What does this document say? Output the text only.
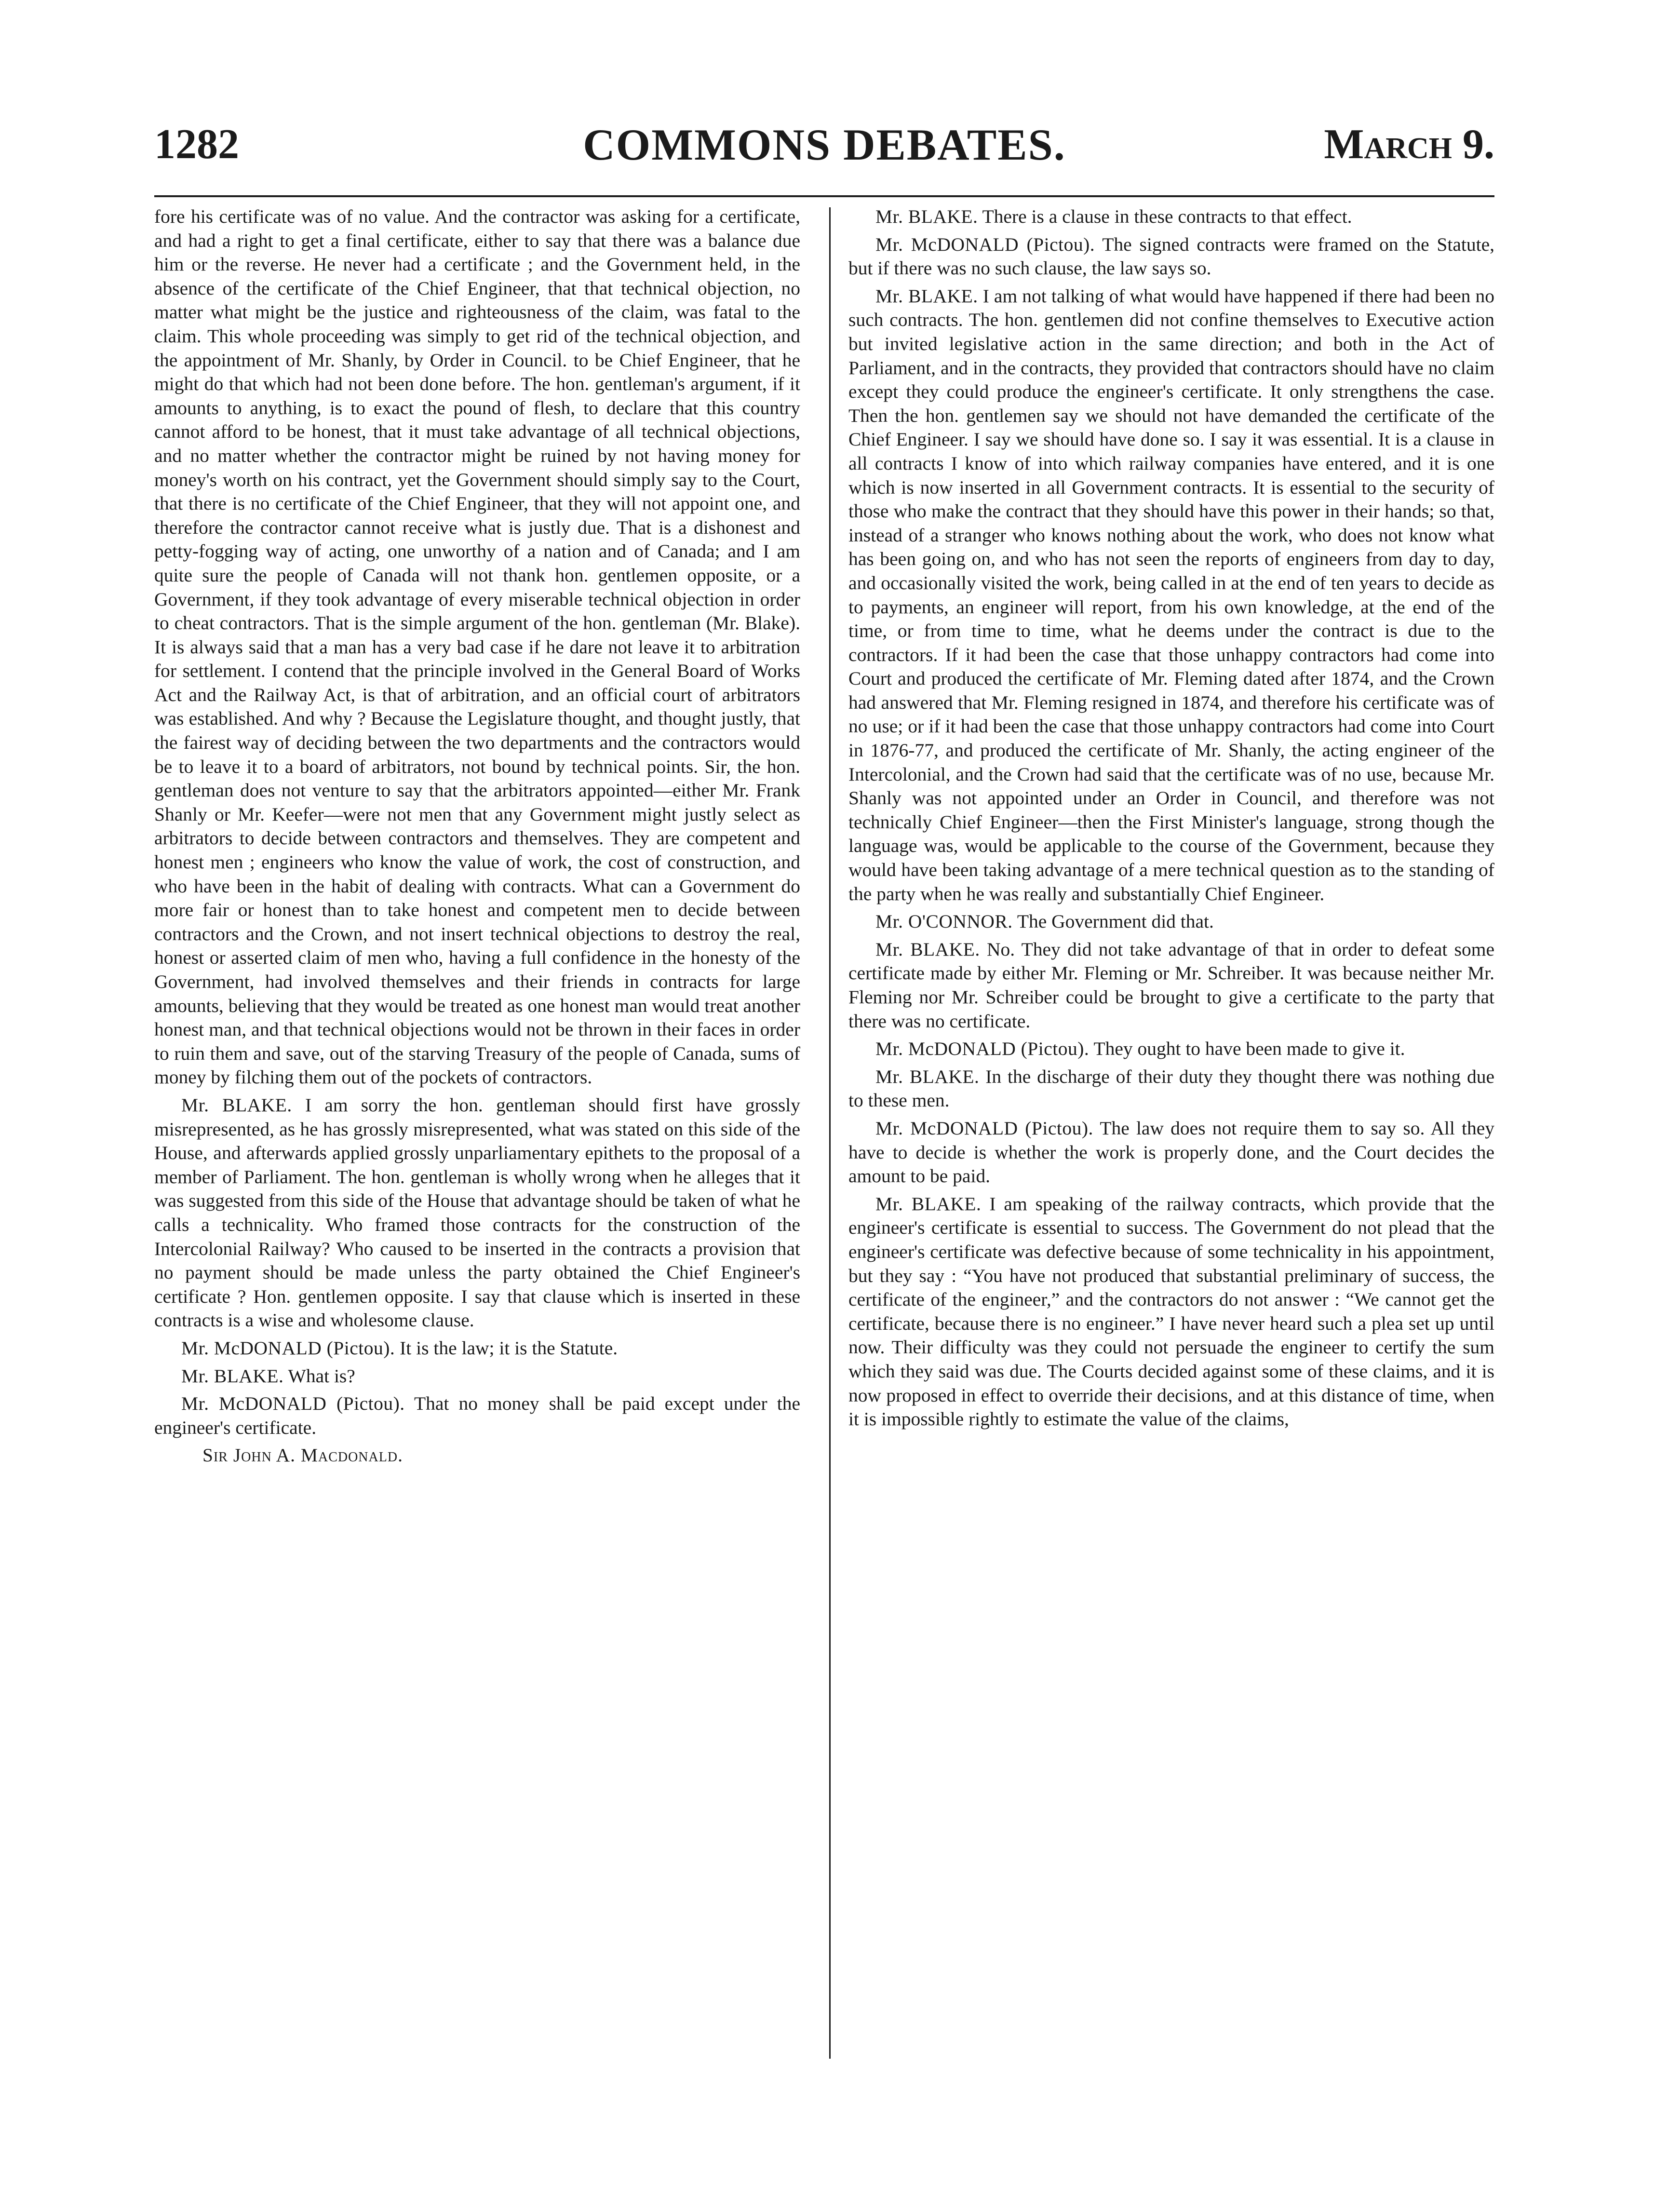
1282	COMMONS DEBATES.	March 9.

fore his certificate was of no value. And the contractor was asking for a certificate, and had a right to get a final certificate, either to say that there was a balance due him or the reverse. He never had a certificate ; and the Government held, in the absence of the certificate of the Chief Engineer, that that technical objection, no matter what might be the justice and righteousness of the claim, was fatal to the claim. This whole proceeding was simply to get rid of the technical objection, and the appointment of Mr. Shanly, by Order in Council. to be Chief Engineer, that he might do that which had not been done before. The hon. gentleman's argument, if it amounts to anything, is to exact the pound of flesh, to declare that this country cannot afford to be honest, that it must take advantage of all technical objections, and no matter whether the contractor might be ruined by not having money for money's worth on his contract, yet the Government should simply say to the Court, that there is no certificate of the Chief Engineer, that they will not appoint one, and therefore the contractor cannot receive what is justly due. That is a dishonest and petty-fogging way of acting, one unworthy of a nation and of Canada; and I am quite sure the people of Canada will not thank hon. gentlemen opposite, or a Government, if they took advantage of every miserable technical objection in order to cheat contractors. That is the simple argument of the hon. gentleman (Mr. Blake). It is always said that a man has a very bad case if he dare not leave it to arbitration for settlement. I contend that the principle involved in the General Board of Works Act and the Railway Act, is that of arbitration, and an official court of arbitrators was established. And why ? Because the Legislature thought, and thought justly, that the fairest way of deciding between the two departments and the contractors would be to leave it to a board of arbitrators, not bound by technical points. Sir, the hon. gentleman does not venture to say that the arbitrators appointed—either Mr. Frank Shanly or Mr. Keefer—were not men that any Government might justly select as arbitrators to decide between contractors and themselves. They are competent and honest men ; engineers who know the value of work, the cost of construction, and who have been in the habit of dealing with contracts. What can a Government do more fair or honest than to take honest and competent men to decide between contractors and the Crown, and not insert technical objections to destroy the real, honest or asserted claim of men who, having a full confidence in the honesty of the Government, had involved themselves and their friends in contracts for large amounts, believing that they would be treated as one honest man would treat another honest man, and that technical objections would not be thrown in their faces in order to ruin them and save, out of the starving Treasury of the people of Canada, sums of money by filching them out of the pockets of contractors.

Mr. BLAKE. I am sorry the hon. gentleman should first have grossly misrepresented, as he has grossly misrepresented, what was stated on this side of the House, and afterwards applied grossly unparliamentary epithets to the proposal of a member of Parliament. The hon. gentleman is wholly wrong when he alleges that it was suggested from this side of the House that advantage should be taken of what he calls a technicality. Who framed those contracts for the construction of the Intercolonial Railway? Who caused to be inserted in the contracts a provision that no payment should be made unless the party obtained the Chief Engineer's certificate ? Hon. gentlemen opposite. I say that clause which is inserted in these contracts is a wise and wholesome clause.

Mr. McDONALD (Pictou). It is the law; it is the Statute.

Mr. BLAKE. What is?

Mr. McDONALD (Pictou). That no money shall be paid except under the engineer's certificate.

Sir John A. Macdonald.

Mr. BLAKE. There is a clause in these contracts to that effect.

Mr. McDONALD (Pictou). The signed contracts were framed on the Statute, but if there was no such clause, the law says so.

Mr. BLAKE. I am not talking of what would have happened if there had been no such contracts. The hon. gentlemen did not confine themselves to Executive action but invited legislative action in the same direction; and both in the Act of Parliament, and in the contracts, they provided that contractors should have no claim except they could produce the engineer's certificate. It only strengthens the case. Then the hon. gentlemen say we should not have demanded the certificate of the Chief Engineer. I say we should have done so. I say it was essential. It is a clause in all contracts I know of into which railway companies have entered, and it is one which is now inserted in all Government contracts. It is essential to the security of those who make the contract that they should have this power in their hands; so that, instead of a stranger who knows nothing about the work, who does not know what has been going on, and who has not seen the reports of engineers from day to day, and occasionally visited the work, being called in at the end of ten years to decide as to payments, an engineer will report, from his own knowledge, at the end of the time, or from time to time, what he deems under the contract is due to the contractors. If it had been the case that those unhappy contractors had come into Court and produced the certificate of Mr. Fleming dated after 1874, and the Crown had answered that Mr. Fleming resigned in 1874, and therefore his certificate was of no use; or if it had been the case that those unhappy contractors had come into Court in 1876-77, and produced the certificate of Mr. Shanly, the acting engineer of the Intercolonial, and the Crown had said that the certificate was of no use, because Mr. Shanly was not appointed under an Order in Council, and therefore was not technically Chief Engineer—then the First Minister's language, strong though the language was, would be applicable to the course of the Government, because they would have been taking advantage of a mere technical question as to the standing of the party when he was really and substantially Chief Engineer.

Mr. O'CONNOR. The Government did that.

Mr. BLAKE. No. They did not take advantage of that in order to defeat some certificate made by either Mr. Fleming or Mr. Schreiber. It was because neither Mr. Fleming nor Mr. Schreiber could be brought to give a certificate to the party that there was no certificate.

Mr. McDONALD (Pictou). They ought to have been made to give it.

Mr. BLAKE. In the discharge of their duty they thought there was nothing due to these men.

Mr. McDONALD (Pictou). The law does not require them to say so. All they have to decide is whether the work is properly done, and the Court decides the amount to be paid.

Mr. BLAKE. I am speaking of the railway contracts, which provide that the engineer's certificate is essential to success. The Government do not plead that the engineer's certificate was defective because of some technicality in his appointment, but they say : “You have not produced that substantial preliminary of success, the certificate of the engineer,” and the contractors do not answer : “We cannot get the certificate, because there is no engineer.” I have never heard such a plea set up until now. Their difficulty was they could not persuade the engineer to certify the sum which they said was due. The Courts decided against some of these claims, and it is now proposed in effect to override their decisions, and at this distance of time, when it is impossible rightly to estimate the value of the claims,
